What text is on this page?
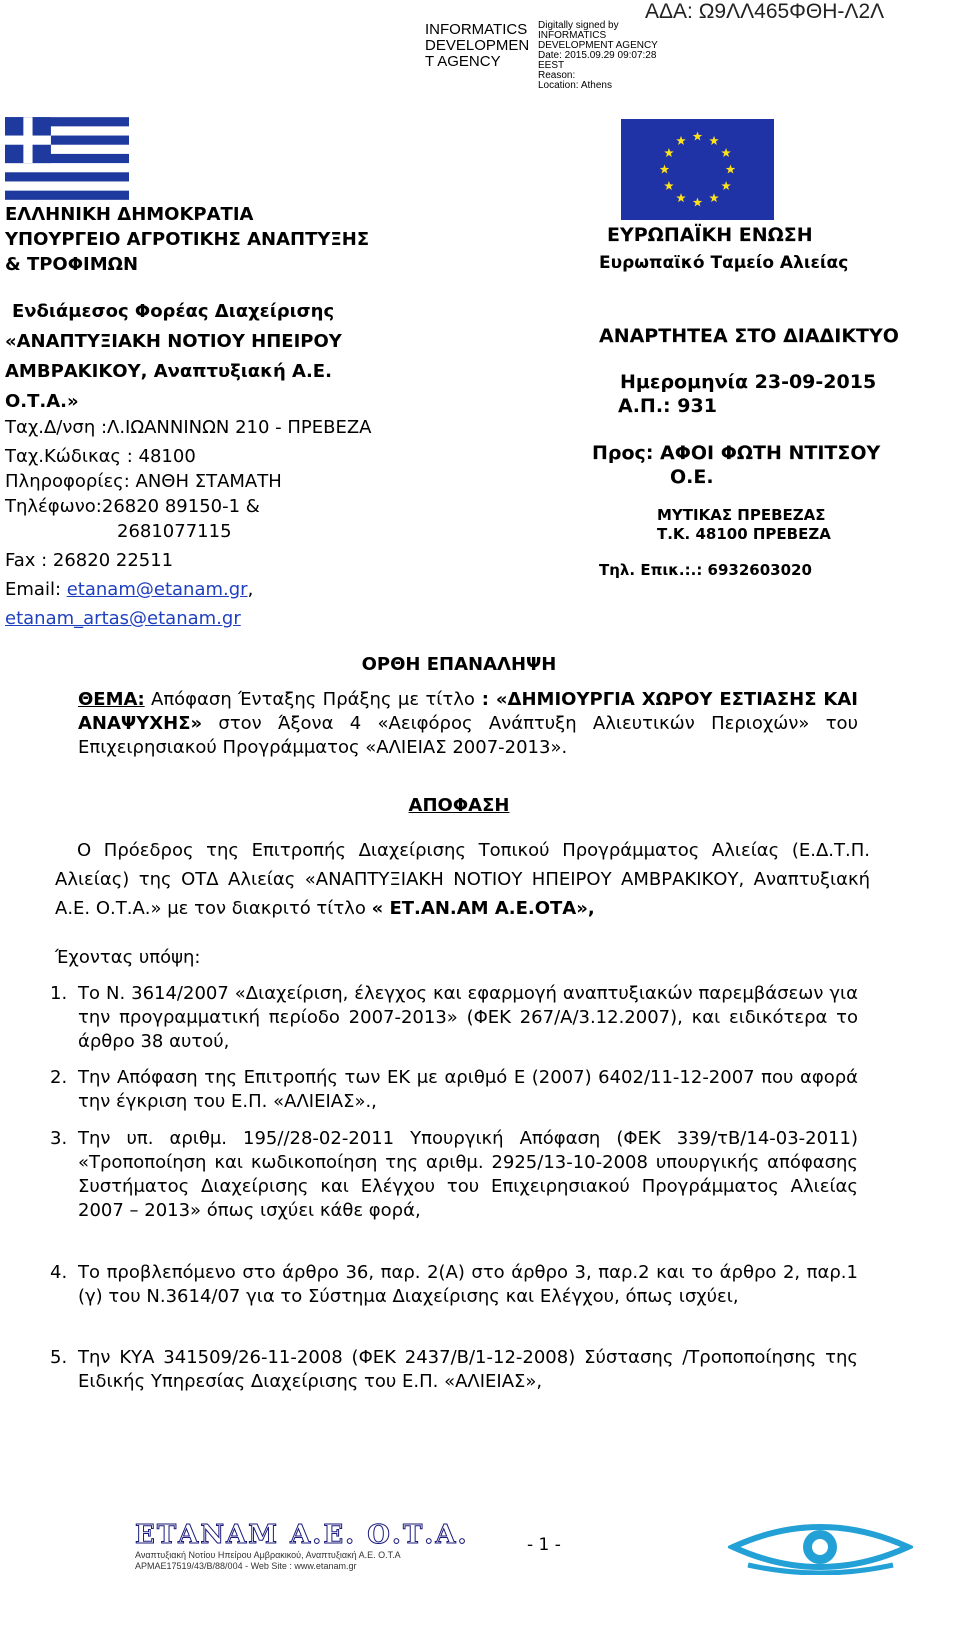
INFORMATICS
DEVELOPMEN
T AGENCY
Digitally signed by
INFORMATICS
DEVELOPMENT AGENCY
Date: 2015.09.29 09:07:28
EEST
Reason:
Location: Athens
ΑΔΑ: Ω9ΛΛ465ΦΘΗ-Λ2Λ
ΕΛΛΗΝΙΚΗ ΔΗΜΟΚΡΑΤΙΑ
ΥΠΟΥΡΓΕΙΟ ΑΓΡΟΤΙΚΗΣ ΑΝΑΠΤΥΞΗΣ
& ΤΡΟΦΙΜΩΝ
Ενδιάμεσος Φορέας Διαχείρισης
«ΑΝΑΠΤΥΞΙΑΚΗ ΝΟΤΙΟΥ ΗΠΕΙΡΟΥ
ΑΜΒΡΑΚΙΚΟΥ, Αναπτυξιακή Α.Ε.
Ο.Τ.Α.»
Ταχ.Δ/νση :Λ.ΙΩΑΝΝΙΝΩΝ 210 - ΠΡΕΒΕΖΑ
Ταχ.Κώδικας : 48100
Πληροφορίες: ΑΝΘΗ ΣΤΑΜΑΤΗ
Τηλέφωνο:26820 89150-1 &
2681077115
Fax : 26820 22511
Email: etanam@etanam.gr,
etanam_artas@etanam.gr
ΕΥΡΩΠΑΪΚΗ ΕΝΩΣΗ
Ευρωπαϊκό Ταμείο Αλιείας
ΑΝΑΡΤΗΤΕΑ ΣΤΟ ΔΙΑΔΙΚΤΥΟ
Ημερομηνία 23-09-2015
Α.Π.: 931
Προς: ΑΦΟΙ ΦΩΤΗ ΝΤΙΤΣΟΥ
Ο.Ε.
ΜΥΤΙΚΑΣ ΠΡΕΒΕΖΑΣ
Τ.Κ. 48100 ΠΡΕΒΕΖΑ
Τηλ. Επικ.:.: 6932603020
ΟΡΘΗ ΕΠΑΝΑΛΗΨΗ
ΘΕΜΑ: Απόφαση Ένταξης Πράξης με τίτλο : «ΔΗΜΙΟΥΡΓΙΑ ΧΩΡΟΥ ΕΣΤΙΑΣΗΣ ΚΑΙ ΑΝΑΨΥΧΗΣ» στον Άξονα 4 «Αειφόρος Ανάπτυξη Αλιευτικών Περιοχών» του Επιχειρησιακού Προγράμματος «ΑΛΙΕΙΑΣ 2007-2013».
ΑΠΟΦΑΣΗ
Ο Πρόεδρος της Επιτροπής Διαχείρισης Τοπικού Προγράμματος Αλιείας (Ε.Δ.Τ.Π. Αλιείας) της ΟΤΔ Αλιείας «ΑΝΑΠΤΥΞΙΑΚΗ ΝΟΤΙΟΥ ΗΠΕΙΡΟΥ ΑΜΒΡΑΚΙΚΟΥ, Αναπτυξιακή Α.Ε. Ο.Τ.Α.» με τον διακριτό τίτλο « ΕΤ.ΑΝ.ΑΜ Α.Ε.ΟΤΑ»,
Έχοντας υπόψη:
1. Το Ν. 3614/2007 «Διαχείριση, έλεγχος και εφαρμογή αναπτυξιακών παρεμβάσεων για την προγραμματική περίοδο 2007-2013» (ΦΕΚ 267/Α/3.12.2007), και ειδικότερα το άρθρο 38 αυτού,
2. Την Απόφαση της Επιτροπής των ΕΚ με αριθμό Ε (2007) 6402/11-12-2007 που αφορά την έγκριση του Ε.Π. «ΑΛΙΕΙΑΣ».,
3. Την υπ. αριθμ. 195//28-02-2011 Υπουργική Απόφαση (ΦΕΚ 339/τΒ/14-03-2011) «Τροποποίηση και κωδικοποίηση της αριθμ. 2925/13-10-2008 υπουργικής απόφασης Συστήματος Διαχείρισης και Ελέγχου του Επιχειρησιακού Προγράμματος Αλιείας 2007 – 2013» όπως ισχύει κάθε φορά,
4. Το προβλεπόμενο στο άρθρο 36, παρ. 2(Α) στο άρθρο 3, παρ.2 και το άρθρο 2, παρ.1 (γ) του Ν.3614/07 για το Σύστημα Διαχείρισης και Ελέγχου, όπως ισχύει,
5. Την ΚΥΑ 341509/26-11-2008 (ΦΕΚ 2437/Β/1-12-2008) Σύστασης /Τροποποίησης της Ειδικής Υπηρεσίας Διαχείρισης του Ε.Π. «ΑΛΙΕΙΑΣ»,
ΕΤΑΝΑΜ Α.Ε. Ο.Τ.Α.
Αναπτυξιακή Νοτίου Ηπείρου Αμβρακικού, Αναπτυξιακή Α.Ε. Ο.Τ.Α
ΑΡΜΑΕ17519/43/Β/88/004 - Web Site : www.etanam.gr
- 1 -
